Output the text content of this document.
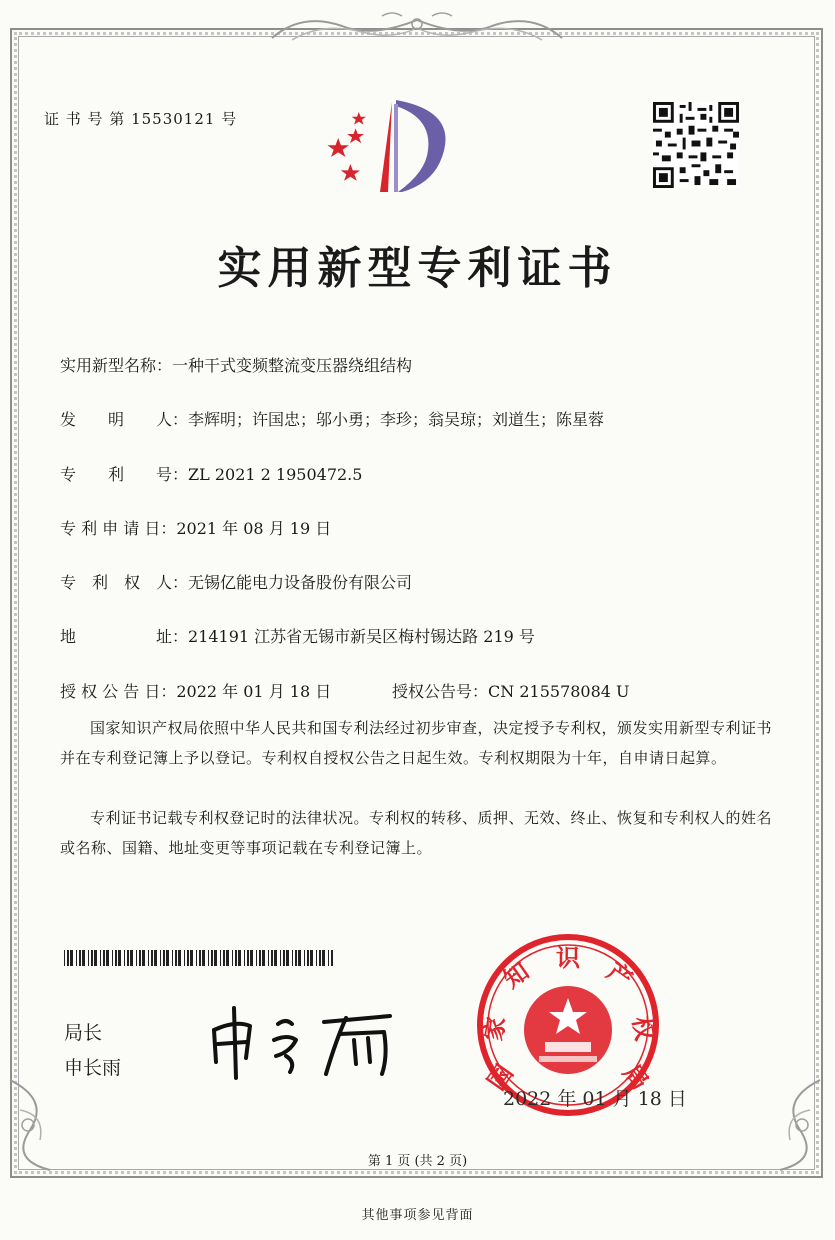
证 书 号 第 15530121 号
实用新型专利证书
实用新型名称：一种干式变频整流变压器绕组结构
发　　明　　人：李辉明；许国忠；邬小勇；李珍；翁吴琼；刘道生；陈星蓉
专　　利　　号：ZL 2021 2 1950472.5
专 利 申 请 日：2021 年 08 月 19 日
专　利　权　人：无锡亿能电力设备股份有限公司
地　　　　　址：214191 江苏省无锡市新吴区梅村锡达路 219 号
授 权 公 告 日：2022 年 01 月 18 日	授权公告号：CN 215578084 U
国家知识产权局依照中华人民共和国专利法经过初步审查，决定授予专利权，颁发实用新型专利证书并在专利登记簿上予以登记。专利权自授权公告之日起生效。专利权期限为十年，自申请日起算。
专利证书记载专利权登记时的法律状况。专利权的转移、质押、无效、终止、恢复和专利权人的姓名或名称、国籍、地址变更等事项记载在专利登记簿上。
局长
申长雨	国
家
知 识 产
权
局
2022 年 01 月 18 日
第 1 页 (共 2 页)
其他事项参见背面
